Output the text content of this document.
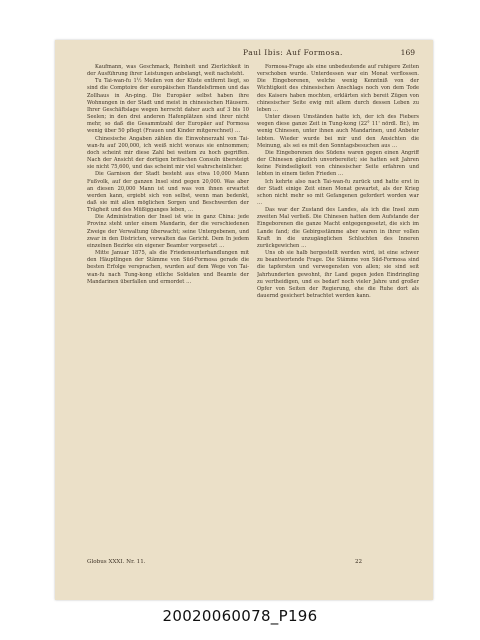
Paul Ibis: Auf Formosa.	169

Kaufmann, was Geschmack, Reinheit und Zierlichkeit in der Ausführung ihrer Leistungen anbelangt, weit nachsteht.

Tu Tai-wan-fu 1½ Meilen von der Küste entfernt liegt, so sind die Comptoire der europäischen Handelsfirmen und das Zollhaus in An-ping. Die Europäer selbst haben ihre Wohnungen in der Stadt und meist in chinesischen Häusern. Ihrer Geschäftslage wegen herrscht daher auch auf 3 bis 10 Seelen; in den drei anderen Hafenplätzen sind ihrer nicht mehr, so daß die Gesammtzahl der Europäer auf Formosa wenig über 50 pflegt (Frauen und Kinder mitgerechnet) …

Chinesische Angaben zählen die Einwohnerzahl von Tai-wan-fu auf 200,000, ich weiß nicht woraus sie entnommen; doch scheint mir diese Zahl bei weitem zu hoch gegriffen. Nach der Ansicht der dortigen britischen Consuln übersteigt sie nicht 75,600, und das scheint mir viel wahrscheinlicher.

Die Garnison der Stadt besteht aus etwa 10,000 Mann Fußvolk, auf der ganzen Insel sind gegen 20,000. Was aber an diesen 20,000 Mann ist und was von ihnen erwartet werden kann, ergiebt sich von selbst, wenn man bedenkt, daß sie mit allen möglichen Sorgen und Beschwerden der Trägheit und des Müßigganges leben, …

Die Administration der Insel ist wie in ganz China: jede Provinz steht unter einem Mandarin, der die verschiedenen Zweige der Verwaltung überwacht; seine Untergebenen, und zwar in den Districten, verwalten das Gericht. Dem In jedem einzelnen Bezirke ein eigener Beamter vorgesetzt …

Mitte Januar 1875, als die Friedensunterhandlungen mit den Häuptlingen der Stämme von Süd-Formosa gerade die besten Erfolge versprachen, wurden auf dem Wege von Tai-wan-fu nach Tung-kong etliche Soldaten und Beamte der Mandarinen überfallen und ermordet …

Formosa-Frage als eine unbedeutende auf ruhigere Zeiten verschoben wurde. Unterdessen war ein Monat verflossen. Die Eingeborenen, welche wenig Kenntniß von der Wichtigkeit des chinesischen Anschlags noch von dem Tode des Kaisers haben mochten, erklärten sich bereit Zügen von chinesischer Seite ewig mit allem durch dessen Leben zu leben …

Unter diesen Umständen hatte ich, der ich des Fiebers wegen diese ganze Zeit in Tung-kong (22° 11' nördl. Br.), im wenig Chinesen, unter ihnen auch Mandarinen, und Anbeter lebten. Wieder wurde bei mir und den Ansichten die Meinung, als sei es mit den Sonntagsbesuchen aus …

Die Eingeborenen des Südens waren gegen einen Angriff der Chinesen gänzlich unvorbereitet; sie hatten seit Jahren keine Feindseligkeit von chinesischer Seite erfahren und lebten in einem tiefen Frieden …

Ich kehrte also nach Tai-wan-fu zurück und hatte erst in der Stadt einige Zeit einen Monat gewartet, als der Krieg schon nicht mehr so mit Gefangenen gefordert worden war …

Das war der Zustand des Landes, als ich die Insel zum zweiten Mal verließ. Die Chinesen hatten dem Aufstande der Eingeborenen die ganze Macht entgegengesetzt, die sich im Lande fand; die Gebirgsstämme aber waren in ihrer vollen Kraft in die unzugänglichen Schluchten des Inneren zurückgewichen …

Uns ob sie halb hergestellt werden wird, ist eine schwer zu beantwortende Frage. Die Stämme von Süd-Formosa sind die tapfersten und verwegensten von allen; sie sind seit Jahrhunderten gewohnt, ihr Land gegen jeden Eindringling zu vertheidigen, und es bedarf noch vieler Jahre und großer Opfer von Seiten der Regierung, ehe die Ruhe dort als dauernd gesichert betrachtet werden kann.

Globus XXXI. Nr. 11.	22
20020060078_P196
